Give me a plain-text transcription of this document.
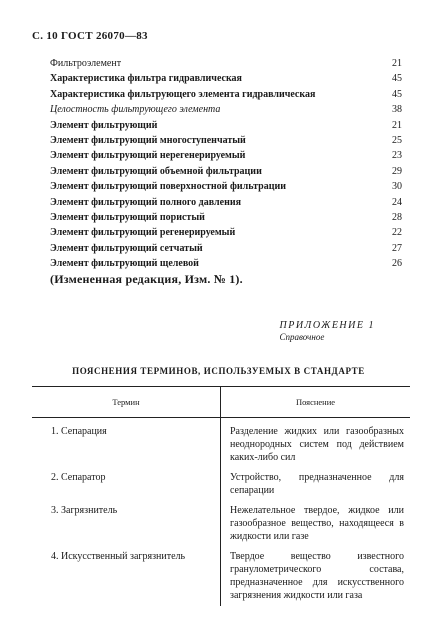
С. 10 ГОСТ 26070—83
Фильтроэлемент	21
Характеристика фильтра гидравлическая	45
Характеристика фильтрующего элемента гидравлическая	45
Целостность фильтрующего элемента	38
Элемент фильтрующий	21
Элемент фильтрующий многоступенчатый	25
Элемент фильтрующий нерегенерируемый	23
Элемент фильтрующий объемной фильтрации	29
Элемент фильтрующий поверхностной фильтрации	30
Элемент фильтрующий полного давления	24
Элемент фильтрующий пористый	28
Элемент фильтрующий регенерируемый	22
Элемент фильтрующий сетчатый	27
Элемент фильтрующий щелевой	26
(Измененная редакция, Изм. № 1).
ПРИЛОЖЕНИЕ 1
Справочное
ПОЯСНЕНИЯ ТЕРМИНОВ, ИСПОЛЬЗУЕМЫХ В СТАНДАРТЕ
Термин	Пояснение
1. Сепарация	Разделение жидких или газообразных неоднородных систем под действием каких-либо сил
2. Сепаратор	Устройство, предназначенное для сепарации
3. Загрязнитель	Нежелательное твердое, жидкое или газообразное вещество, находящееся в жидкости или газе
4. Искусственный загрязнитель	Твердое вещество известного гранулометрического состава, предназначенное для искусственного загрязнения жидкости или газа
